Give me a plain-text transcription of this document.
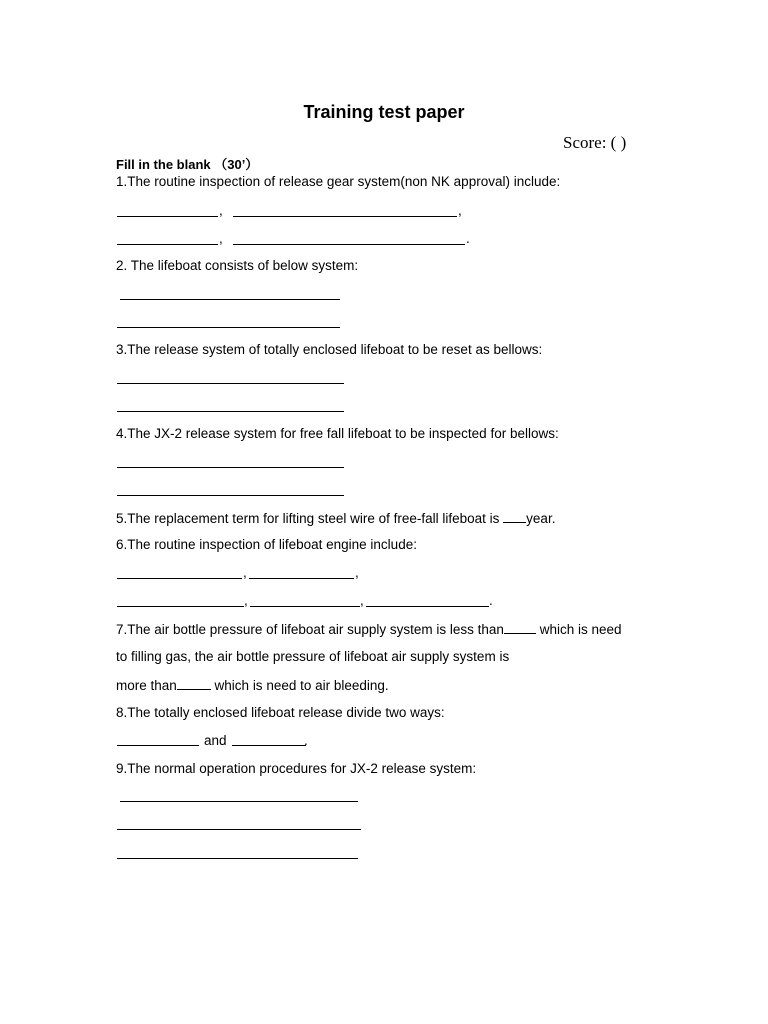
Training test paper
Score: ( )
Fill in the blank （30’）
1.The routine inspection of release gear system(non NK approval) include:
,	,
,	.
2. The lifeboat consists of below system:
3.The release system of totally enclosed lifeboat to be reset as bellows:
4.The JX-2 release system for free fall lifeboat to be inspected for bellows:
5.The replacement term for lifting steel wire of free-fall lifeboat is year.
6.The routine inspection of lifeboat engine include:
,	,
,	,	.
7.The air bottle pressure of lifeboat air supply system is less than which is need
to filling gas, the air bottle pressure of lifeboat air supply system is
more than	which is need to air bleeding.
8.The totally enclosed lifeboat release divide two ways:
and	.
9.The normal operation procedures for JX-2 release system:
